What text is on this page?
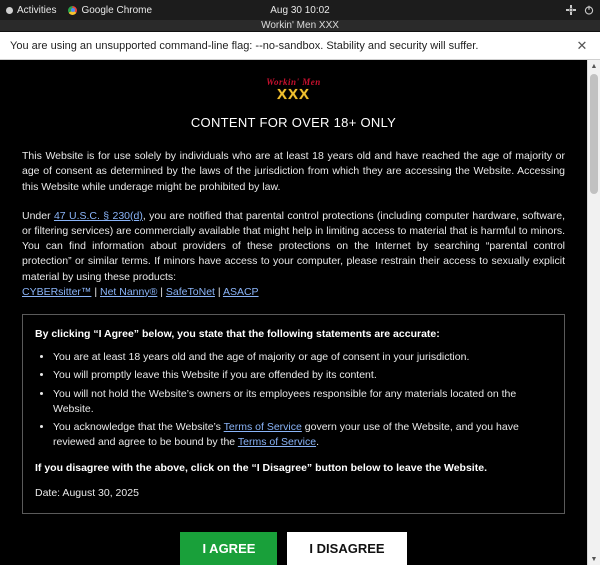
Activities	Google Chrome	Aug 30 10:02
Workin' Men XXX
You are using an unsupported command-line flag: --no-sandbox. Stability and security will suffer.	✕
Workin' Men
XXX
CONTENT FOR OVER 18+ ONLY

This Website is for use solely by individuals who are at least 18 years old and have reached the age of majority or age of consent as determined by the laws of the jurisdiction from which they are accessing the Website. Accessing this Website while underage might be prohibited by law.

Under 47 U.S.C. § 230(d), you are notified that parental control protections (including computer hardware, software, or filtering services) are commercially available that might help in limiting access to material that is harmful to minors. You can find information about providers of these protections on the Internet by searching “parental control protection” or similar terms. If minors have access to your computer, please restrain their access to sexually explicit material by using these products:
CYBERsitter™ | Net Nanny® | SafeToNet | ASACP

By clicking “I Agree” below, you state that the following statements are accurate:
• You are at least 18 years old and the age of majority or age of consent in your jurisdiction.
• You will promptly leave this Website if you are offended by its content.
• You will not hold the Website’s owners or its employees responsible for any materials located on the Website.
• You acknowledge that the Website’s Terms of Service govern your use of the Website, and you have reviewed and agree to be bound by the Terms of Service.

If you disagree with the above, click on the “I Disagree” button below to leave the Website.

Date: August 30, 2025

I AGREE	I DISAGREE
▲
▼
